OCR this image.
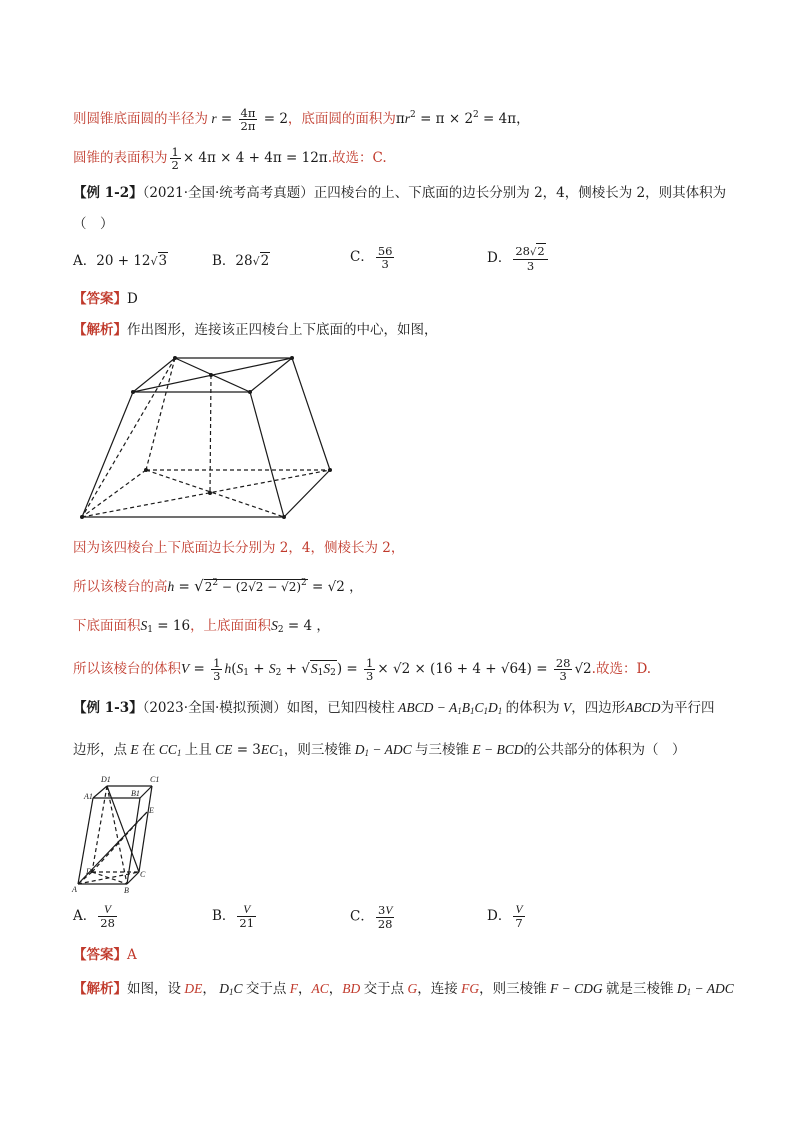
则圆锥底面圆的半径为 $r = \frac{4\pi}{2\pi} = 2$，底面圆的面积为$\pi r^2 = \pi \times 2^2 = 4\pi$，
圆锥的表面积为 $\frac{1}{2} \times 4\pi \times 4 + 4\pi = 12\pi$.故选：C.
【例 1-2】（2021·全国·统考高考真题）正四棱台的上、下底面的边长分别为 2，4，侧棱长为 2，则其体积为
（　）
A．20 + 12√3	B．28√2	C． $\frac{56}{3}$	D． $\frac{28√2}{3}$
【答案】D
【解析】作出图形，连接该正四棱台上下底面的中心，如图，
D1	C1
A1	B1
E
D	C
A	B
因为该四棱台上下底面边长分别为 2，4，侧棱长为 2，
所以该棱台的高$h = √2^2 - (2√2 - √2)^2 = √2$ ，
下底面面积$S_1 = 16$，上底面面积$S_2 = 4$ ，
所以该棱台的体积$V = \frac{1}{3} h(S_1 + S_2 + √S_1S_2) = \frac{1}{3} \times √2 \times (16 + 4 + √64) = \frac{28}{3} √2$.故选：D.
【例 1-3】（2023·全国·模拟预测）如图，已知四棱柱 ABCD − $A_1B_1C_1D_1$ 的体积为 V，四边形ABCD为平行四
边形，点 E 在 $CC_1$ 上且 CE = $3EC_1$，则三棱锥 $D_1$ − ADC 与三棱锥 E − BCD的公共部分的体积为（　）
A． $\frac{V}{28}$	B． $\frac{V}{21}$	C． $\frac{3V}{28}$	D． $\frac{V}{7}$
【答案】A
【解析】如图，设 DE， $D_1C$ 交于点 F，AC，BD 交于点 G，连接 FG，则三棱锥 F − CDG 就是三棱锥 $D_1$ − ADC
